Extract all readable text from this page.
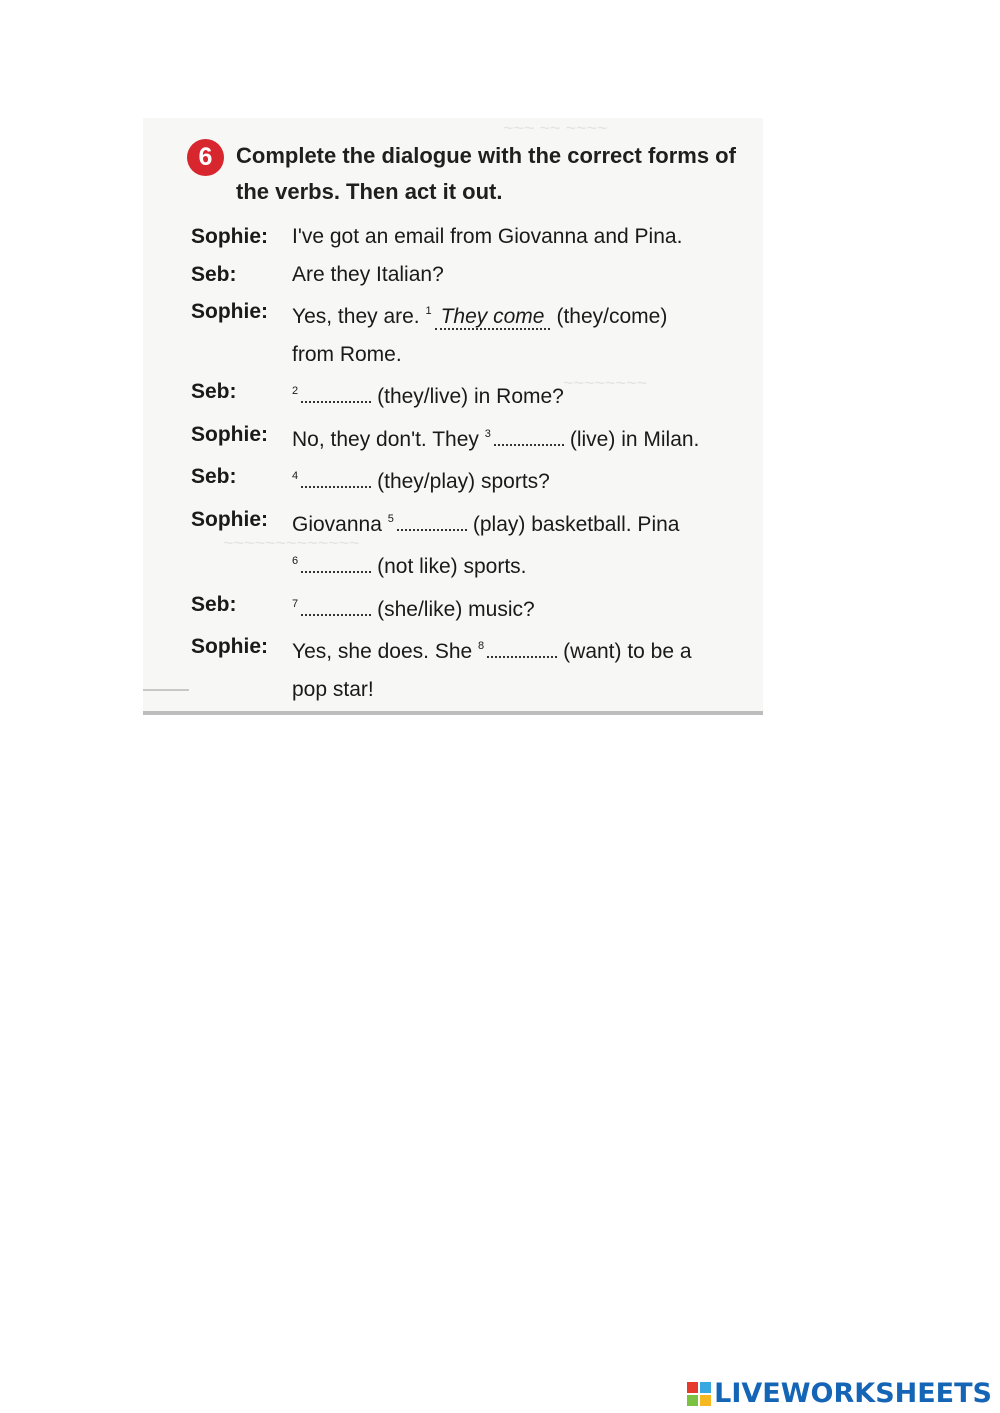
~~~ ~~ ~~~~
~~~~~~~~
~~~~~~~~~~~~~
6	Complete the dialogue with the correct forms of the verbs. Then act it out.
Sophie:	I've got an email from Giovanna and Pina.
Seb:	Are they Italian?
Sophie:	Yes, they are. $^1$ They come (they/come)
from Rome.
Seb:	$^2$	(they/live) in Rome?
Sophie:	No, they don't. They $^3$	(live) in Milan.
Seb:	$^4$	(they/play) sports?
Sophie:	Giovanna $^5$	(play) basketball. Pina
$^6$	(not like) sports.
Seb:	$^7$	(she/like) music?
Sophie:	Yes, she does. She $^8$	(want) to be a
pop star!
LIVEWORKSHEETS
